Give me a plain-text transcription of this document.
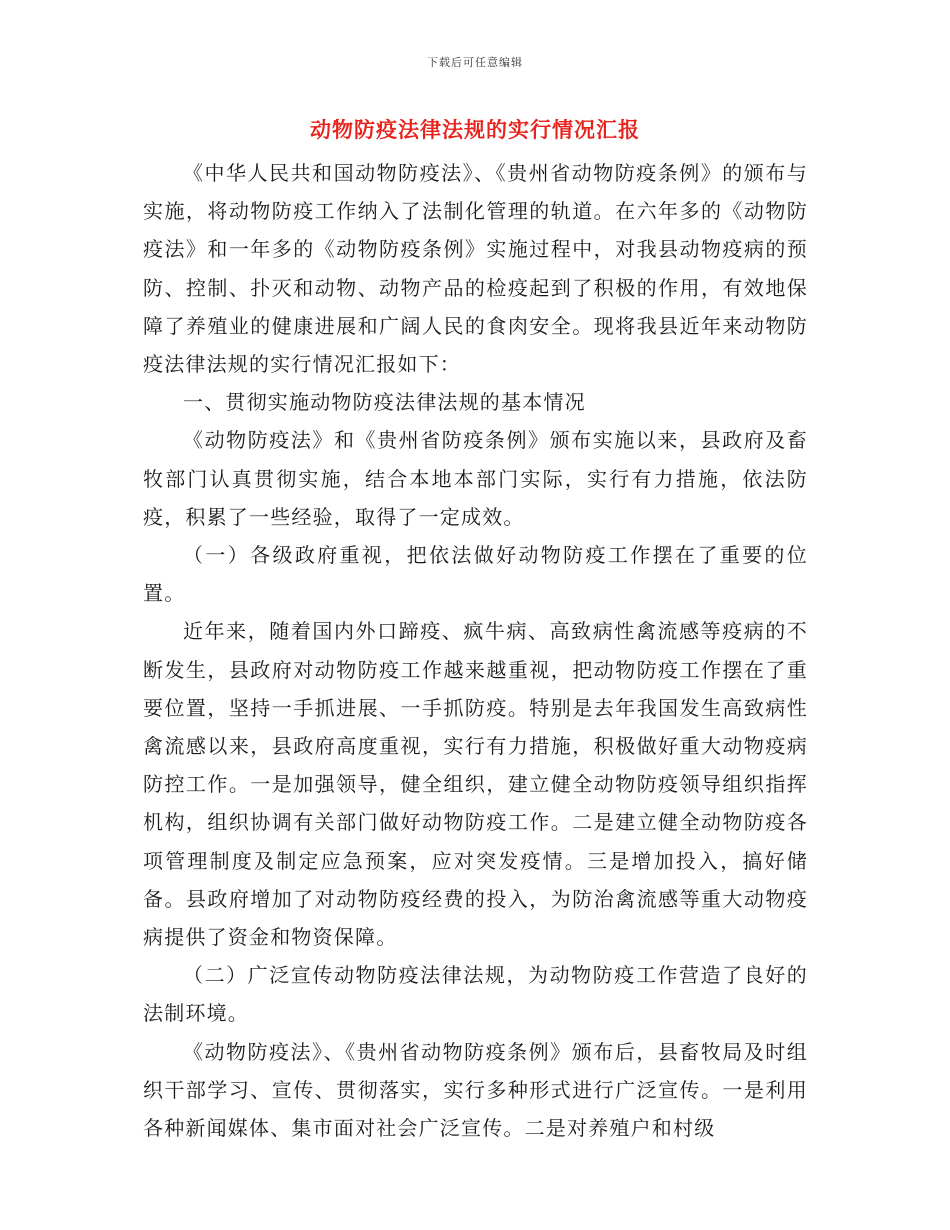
下载后可任意编辑
动物防疫法律法规的实行情况汇报

《中华人民共和国动物防疫法》、《贵州省动物防疫条例》的颁布与实施，将动物防疫工作纳入了法制化管理的轨道。在六年多的《动物防疫法》和一年多的《动物防疫条例》实施过程中，对我县动物疫病的预防、控制、扑灭和动物、动物产品的检疫起到了积极的作用，有效地保障了养殖业的健康进展和广阔人民的食肉安全。现将我县近年来动物防疫法律法规的实行情况汇报如下：

一、贯彻实施动物防疫法律法规的基本情况

《动物防疫法》和《贵州省防疫条例》颁布实施以来，县政府及畜牧部门认真贯彻实施，结合本地本部门实际，实行有力措施，依法防疫，积累了一些经验，取得了一定成效。

（一）各级政府重视，把依法做好动物防疫工作摆在了重要的位置。

近年来，随着国内外口蹄疫、疯牛病、高致病性禽流感等疫病的不断发生，县政府对动物防疫工作越来越重视，把动物防疫工作摆在了重要位置，坚持一手抓进展、一手抓防疫。特别是去年我国发生高致病性禽流感以来，县政府高度重视，实行有力措施，积极做好重大动物疫病防控工作。一是加强领导，健全组织，建立健全动物防疫领导组织指挥机构，组织协调有关部门做好动物防疫工作。二是建立健全动物防疫各项管理制度及制定应急预案，应对突发疫情。三是增加投入，搞好储备。县政府增加了对动物防疫经费的投入，为防治禽流感等重大动物疫病提供了资金和物资保障。

（二）广泛宣传动物防疫法律法规，为动物防疫工作营造了良好的法制环境。

《动物防疫法》、《贵州省动物防疫条例》颁布后，县畜牧局及时组织干部学习、宣传、贯彻落实，实行多种形式进行广泛宣传。一是利用各种新闻媒体、集市面对社会广泛宣传。二是对养殖户和村级
